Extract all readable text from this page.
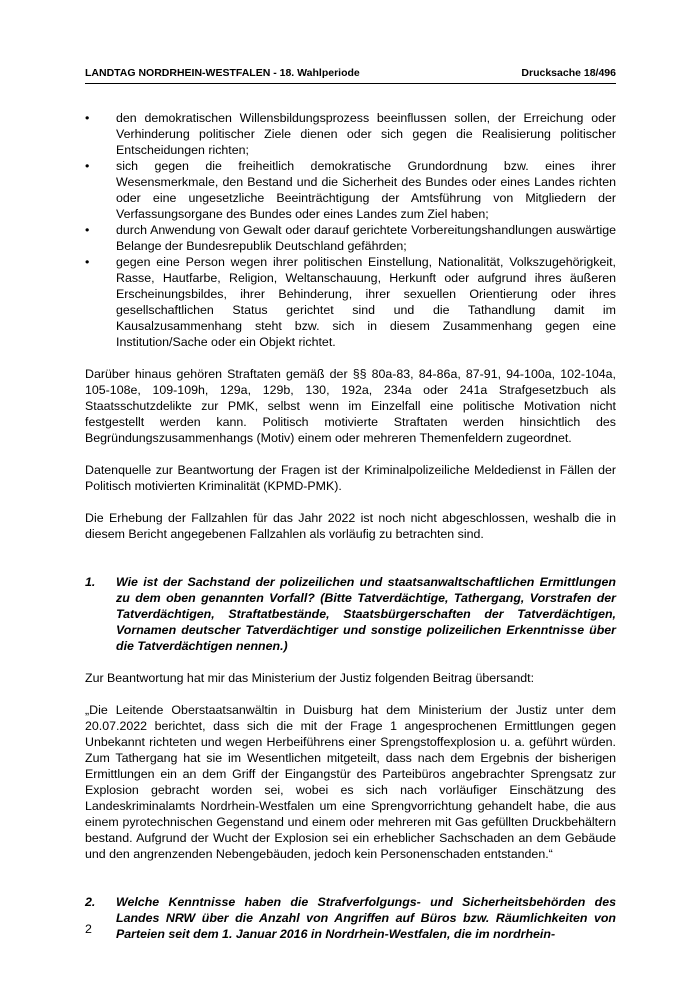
LANDTAG NORDRHEIN-WESTFALEN - 18. Wahlperiode	Drucksache 18/496
• den demokratischen Willensbildungsprozess beeinflussen sollen, der Erreichung oder Verhinderung politischer Ziele dienen oder sich gegen die Realisierung politischer Entscheidungen richten;
• sich gegen die freiheitlich demokratische Grundordnung bzw. eines ihrer Wesensmerkmale, den Bestand und die Sicherheit des Bundes oder eines Landes richten oder eine ungesetzliche Beeinträchtigung der Amtsführung von Mitgliedern der Verfassungsorgane des Bundes oder eines Landes zum Ziel haben;
• durch Anwendung von Gewalt oder darauf gerichtete Vorbereitungshandlungen auswärtige Belange der Bundesrepublik Deutschland gefährden;
• gegen eine Person wegen ihrer politischen Einstellung, Nationalität, Volkszugehörigkeit, Rasse, Hautfarbe, Religion, Weltanschauung, Herkunft oder aufgrund ihres äußeren Erscheinungsbildes, ihrer Behinderung, ihrer sexuellen Orientierung oder ihres gesellschaftlichen Status gerichtet sind und die Tathandlung damit im Kausalzusammenhang steht bzw. sich in diesem Zusammenhang gegen eine Institution/Sache oder ein Objekt richtet.

Darüber hinaus gehören Straftaten gemäß der §§ 80a-83, 84-86a, 87-91, 94-100a, 102-104a, 105-108e, 109-109h, 129a, 129b, 130, 192a, 234a oder 241a Strafgesetzbuch als Staatsschutzdelikte zur PMK, selbst wenn im Einzelfall eine politische Motivation nicht festgestellt werden kann. Politisch motivierte Straftaten werden hinsichtlich des Begründungszusammenhangs (Motiv) einem oder mehreren Themenfeldern zugeordnet.

Datenquelle zur Beantwortung der Fragen ist der Kriminalpolizeiliche Meldedienst in Fällen der Politisch motivierten Kriminalität (KPMD-PMK).

Die Erhebung der Fallzahlen für das Jahr 2022 ist noch nicht abgeschlossen, weshalb die in diesem Bericht angegebenen Fallzahlen als vorläufig zu betrachten sind.

1.	Wie ist der Sachstand der polizeilichen und staatsanwaltschaftlichen Ermittlungen zu dem oben genannten Vorfall? (Bitte Tatverdächtige, Tathergang, Vorstrafen der Tatverdächtigen, Straftatbestände, Staatsbürgerschaften der Tatverdächtigen, Vornamen deutscher Tatverdächtiger und sonstige polizeilichen Erkenntnisse über die Tatverdächtigen nennen.)

Zur Beantwortung hat mir das Ministerium der Justiz folgenden Beitrag übersandt:

„Die Leitende Oberstaatsanwältin in Duisburg hat dem Ministerium der Justiz unter dem 20.07.2022 berichtet, dass sich die mit der Frage 1 angesprochenen Ermittlungen gegen Unbekannt richteten und wegen Herbeiführens einer Sprengstoffexplosion u. a. geführt würden. Zum Tathergang hat sie im Wesentlichen mitgeteilt, dass nach dem Ergebnis der bisherigen Ermittlungen ein an dem Griff der Eingangstür des Parteibüros angebrachter Sprengsatz zur Explosion gebracht worden sei, wobei es sich nach vorläufiger Einschätzung des Landeskriminalamts Nordrhein-Westfalen um eine Sprengvorrichtung gehandelt habe, die aus einem pyrotechnischen Gegenstand und einem oder mehreren mit Gas gefüllten Druckbehältern bestand. Aufgrund der Wucht der Explosion sei ein erheblicher Sachschaden an dem Gebäude und den angrenzenden Nebengebäuden, jedoch kein Personenschaden entstanden.“

2.	Welche Kenntnisse haben die Strafverfolgungs- und Sicherheitsbehörden des Landes NRW über die Anzahl von Angriffen auf Büros bzw. Räumlichkeiten von Parteien seit dem 1. Januar 2016 in Nordrhein-Westfalen, die im nordrhein-
2
